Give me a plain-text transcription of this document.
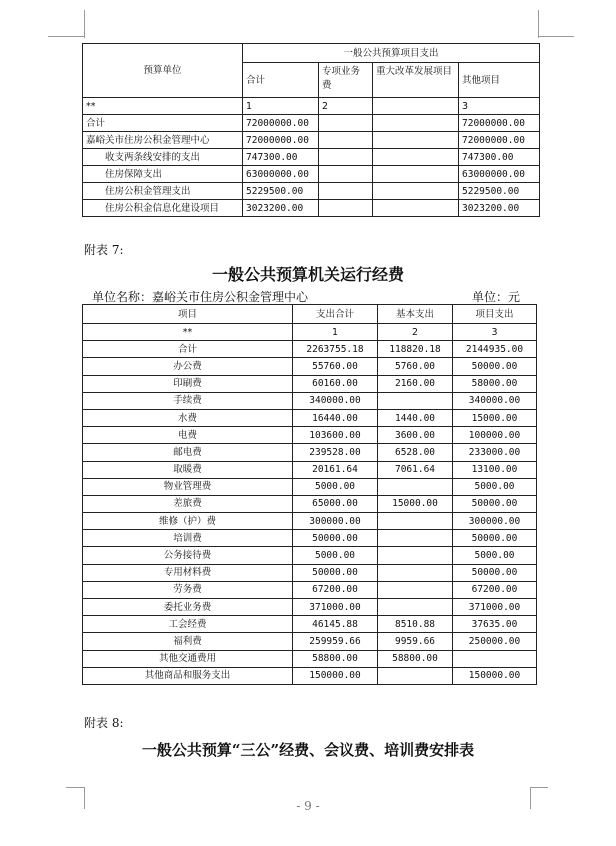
预算单位	一般公共预算项目支出			
	合计	专项业务费	重大改革发展项目	其他项目
**	1	2		3
合计	72000000.00			72000000.00
嘉峪关市住房公积金管理中心	72000000.00			72000000.00
收支两条线安排的支出	747300.00			747300.00
住房保障支出	63000000.00			63000000.00
住房公积金管理支出	5229500.00			5229500.00
住房公积金信息化建设项目	3023200.00			3023200.00
附表 7:
一般公共预算机关运行经费
单位名称：嘉峪关市住房公积金管理中心	单位：元
项目	支出合计	基本支出	项目支出
**	1	2	3
合计	2263755.18	118820.18	2144935.00
办公费	55760.00	5760.00	50000.00
印刷费	60160.00	2160.00	58000.00
手续费	340000.00		340000.00
水费	16440.00	1440.00	15000.00
电费	103600.00	3600.00	100000.00
邮电费	239528.00	6528.00	233000.00
取暖费	20161.64	7061.64	13100.00
物业管理费	5000.00		5000.00
差旅费	65000.00	15000.00	50000.00
维修（护）费	300000.00		300000.00
培训费	50000.00		50000.00
公务接待费	5000.00		5000.00
专用材料费	50000.00		50000.00
劳务费	67200.00		67200.00
委托业务费	371000.00		371000.00
工会经费	46145.88	8510.88	37635.00
福利费	259959.66	9959.66	250000.00
其他交通费用	58800.00	58800.00	
其他商品和服务支出	150000.00		150000.00
附表 8:
一般公共预算“三公”经费、会议费、培训费安排表
- 9 -
